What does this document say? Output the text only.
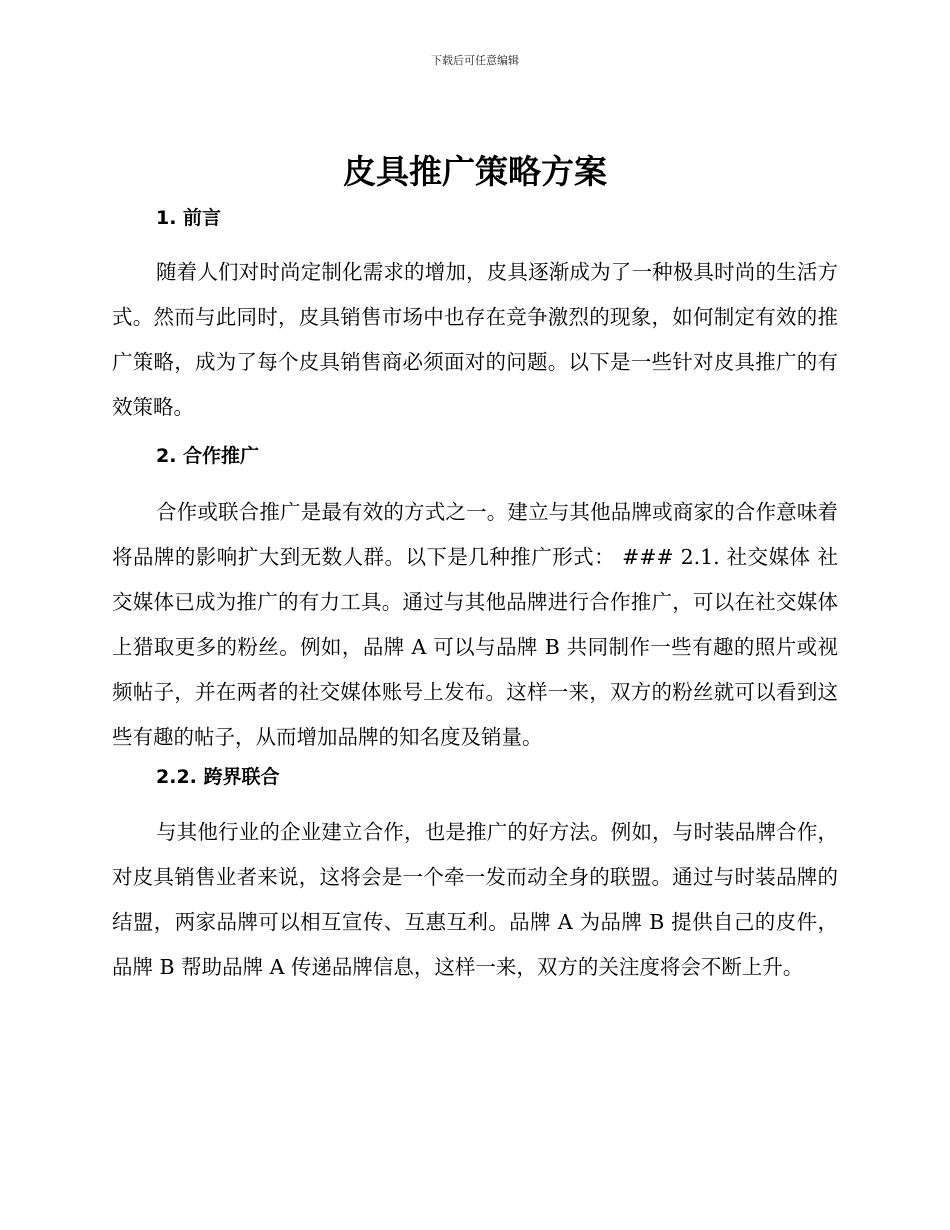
下载后可任意编辑
皮具推广策略方案
1. 前言

随着人们对时尚定制化需求的增加，皮具逐渐成为了一种极具时尚的生活方式。然而与此同时，皮具销售市场中也存在竞争激烈的现象，如何制定有效的推广策略，成为了每个皮具销售商必须面对的问题。以下是一些针对皮具推广的有效策略。

2. 合作推广

合作或联合推广是最有效的方式之一。建立与其他品牌或商家的合作意味着将品牌的影响扩大到无数人群。以下是几种推广形式： ### 2.1. 社交媒体 社交媒体已成为推广的有力工具。通过与其他品牌进行合作推广，可以在社交媒体上猎取更多的粉丝。例如，品牌 A 可以与品牌 B 共同制作一些有趣的照片或视频帖子，并在两者的社交媒体账号上发布。这样一来，双方的粉丝就可以看到这些有趣的帖子，从而增加品牌的知名度及销量。

2.2. 跨界联合

与其他行业的企业建立合作，也是推广的好方法。例如，与时装品牌合作，对皮具销售业者来说，这将会是一个牵一发而动全身的联盟。通过与时装品牌的结盟，两家品牌可以相互宣传、互惠互利。品牌 A 为品牌 B 提供自己的皮件，品牌 B 帮助品牌 A 传递品牌信息，这样一来，双方的关注度将会不断上升。
